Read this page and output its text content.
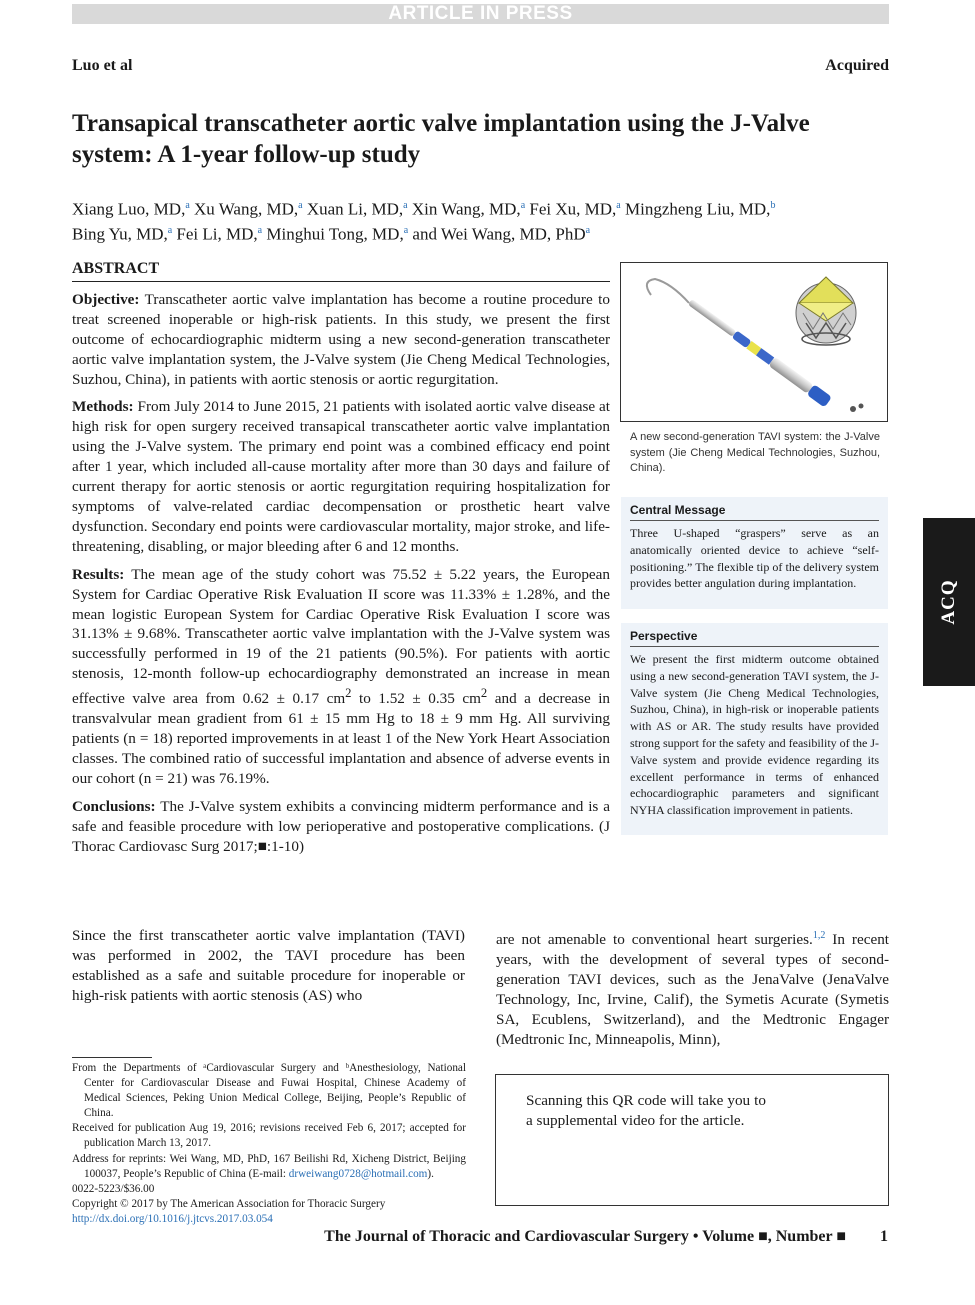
ARTICLE IN PRESS
Luo et al	Acquired
Transapical transcatheter aortic valve implantation using the J-Valve system: A 1-year follow-up study
Xiang Luo, MD,$^a$ Xu Wang, MD,$^a$ Xuan Li, MD,$^a$ Xin Wang, MD,$^a$ Fei Xu, MD,$^a$ Mingzheng Liu, MD,$^b$
Bing Yu, MD,$^a$ Fei Li, MD,$^a$ Minghui Tong, MD,$^a$ and Wei Wang, MD, PhD$^a$
ABSTRACT

Objective: Transcatheter aortic valve implantation has become a routine procedure to treat screened inoperable or high-risk patients. In this study, we present the first outcome of echocardiographic midterm using a new second-generation transcatheter aortic valve implantation system, the J-Valve system (Jie Cheng Medical Technologies, Suzhou, China), in patients with aortic stenosis or aortic regurgitation.

Methods: From July 2014 to June 2015, 21 patients with isolated aortic valve disease at high risk for open surgery received transapical transcatheter aortic valve implantation using the J-Valve system. The primary end point was a combined efficacy end point after 1 year, which included all-cause mortality after more than 30 days and failure of current therapy for aortic stenosis or aortic regurgitation requiring hospitalization for symptoms of valve-related cardiac decompensation or prosthetic heart valve dysfunction. Secondary end points were cardiovascular mortality, major stroke, and life-threatening, disabling, or major bleeding after 6 and 12 months.

Results: The mean age of the study cohort was 75.52 ± 5.22 years, the European System for Cardiac Operative Risk Evaluation II score was 11.33% ± 1.28%, and the mean logistic European System for Cardiac Operative Risk Evaluation I score was 31.13% ± 9.68%. Transcatheter aortic valve implantation with the J-Valve system was successfully performed in 19 of the 21 patients (90.5%). For patients with aortic stenosis, 12-month follow-up echocardiography demonstrated an increase in mean effective valve area from 0.62 ± 0.17 $cm^2$ to 1.52 ± 0.35 $cm^2$ and a decrease in transvalvular mean gradient from 61 ± 15 mm Hg to 18 ± 9 mm Hg. All surviving patients (n = 18) reported improvements in at least 1 of the New York Heart Association classes. The combined ratio of successful implantation and absence of adverse events in our cohort (n = 21) was 76.19%.

Conclusions: The J-Valve system exhibits a convincing midterm performance and is a safe and feasible procedure with low perioperative and postoperative complications. (J Thorac Cardiovasc Surg 2017;■:1-10)

A new second-generation TAVI system: the J-Valve system (Jie Cheng Medical Technologies, Suzhou, China).
Central Message

Three U-shaped “graspers” serve as an anatomically oriented device to achieve “self-positioning.” The flexible tip of the delivery system provides better angulation during implantation.

Perspective

We present the first midterm outcome obtained using a new second-generation TAVI system, the J-Valve system (Jie Cheng Medical Technologies, Suzhou, China), in high-risk or inoperable patients with AS or AR. The study results have provided strong support for the safety and feasibility of the J-Valve system and provide evidence regarding its excellent performance in terms of enhanced echocardiographic parameters and significant NYHA classification improvement in patients.

ACQ

Since the first transcatheter aortic valve implantation (TAVI) was performed in 2002, the TAVI procedure has been established as a safe and suitable procedure for inoperable or high-risk patients with aortic stenosis (AS) who

are not amenable to conventional heart surgeries.$^{1,2}$ In recent years, with the development of several types of second-generation TAVI devices, such as the JenaValve (JenaValve Technology, Inc, Irvine, Calif), the Symetis Acurate (Symetis SA, Ecublens, Switzerland), and the Medtronic Engager (Medtronic Inc, Minneapolis, Minn),

From the Departments of ᵃCardiovascular Surgery and ᵇAnesthesiology, National Center for Cardiovascular Disease and Fuwai Hospital, Chinese Academy of Medical Sciences, Peking Union Medical College, Beijing, People’s Republic of China.

Received for publication Aug 19, 2016; revisions received Feb 6, 2017; accepted for publication March 13, 2017.

Address for reprints: Wei Wang, MD, PhD, 167 Beilishi Rd, Xicheng District, Beijing 100037, People’s Republic of China (E-mail: drweiwang0728@hotmail.com).

0022-5223/$36.00

Copyright © 2017 by The American Association for Thoracic Surgery

http://dx.doi.org/10.1016/j.jtcvs.2017.03.054

Scanning this QR code will take you to a supplemental video for the article.
The Journal of Thoracic and Cardiovascular Surgery • Volume ■, Number ■ 1
